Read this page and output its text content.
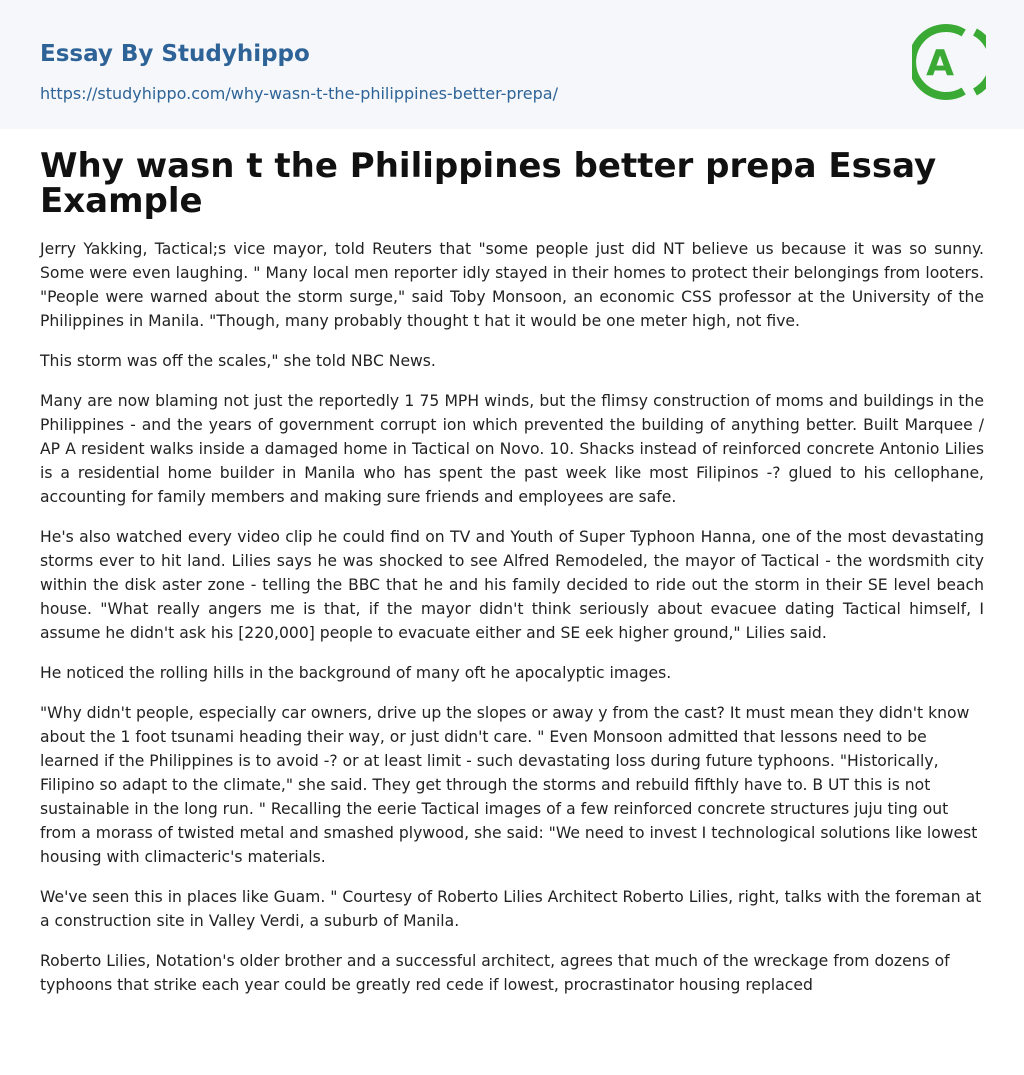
Essay By Studyhippo
https://studyhippo.com/why-wasn-t-the-philippines-better-prepa/
A
Why wasn t the Philippines better prepa Essay Example

Jerry Yakking, Tactical;s vice mayor, told Reuters that "some people just did NT believe us because it was so sunny. Some were even laughing. " Many local men reporter idly stayed in their homes to protect their belongings from looters. "People were warned about the storm surge," said Toby Monsoon, an economic CSS professor at the University of the Philippines in Manila. "Though, many probably thought t hat it would be one meter high, not five.

This storm was off the scales," she told NBC News.

Many are now blaming not just the reportedly 1 75 MPH winds, but the flimsy construction of moms and buildings in the Philippines - and the years of government corrupt ion which prevented the building of anything better. Built Marquee / AP A resident walks inside a damaged home in Tactical on Novo. 10. Shacks instead of reinforced concrete Antonio Lilies is a residential home builder in Manila who has spent the past week like most Filipinos -? glued to his cellophane, accounting for family members and making sure friends and employees are safe.

He's also watched every video clip he could find on TV and Youth of Super Typhoon Hanna, one of the most devastating storms ever to hit land. Lilies says he was shocked to see Alfred Remodeled, the mayor of Tactical - the wordsmith city within the disk aster zone - telling the BBC that he and his family decided to ride out the storm in their SE level beach house. "What really angers me is that, if the mayor didn't think seriously about evacuee dating Tactical himself, I assume he didn't ask his [220,000] people to evacuate either and SE eek higher ground," Lilies said.

He noticed the rolling hills in the background of many oft he apocalyptic images.

"Why didn't people, especially car owners, drive up the slopes or away y from the cast? It must mean they didn't know about the 1 foot tsunami heading their way, or just didn't care. " Even Monsoon admitted that lessons need to be learned if the Philippines is to avoid -? or at least limit - such devastating loss during future typhoons. "Historically, Filipino so adapt to the climate," she said. They get through the storms and rebuild fifthly have to. B UT this is not sustainable in the long run. " Recalling the eerie Tactical images of a few reinforced concrete structures juju ting out from a morass of twisted metal and smashed plywood, she said: "We need to invest I technological solutions like lowest housing with climacteric's materials.

We've seen this in places like Guam. " Courtesy of Roberto Lilies Architect Roberto Lilies, right, talks with the foreman at a construction site in Valley Verdi, a suburb of Manila.

Roberto Lilies, Notation's older brother and a successful architect, agrees that much of the wreckage from dozens of typhoons that strike each year could be greatly red cede if lowest, procrastinator housing replaced
